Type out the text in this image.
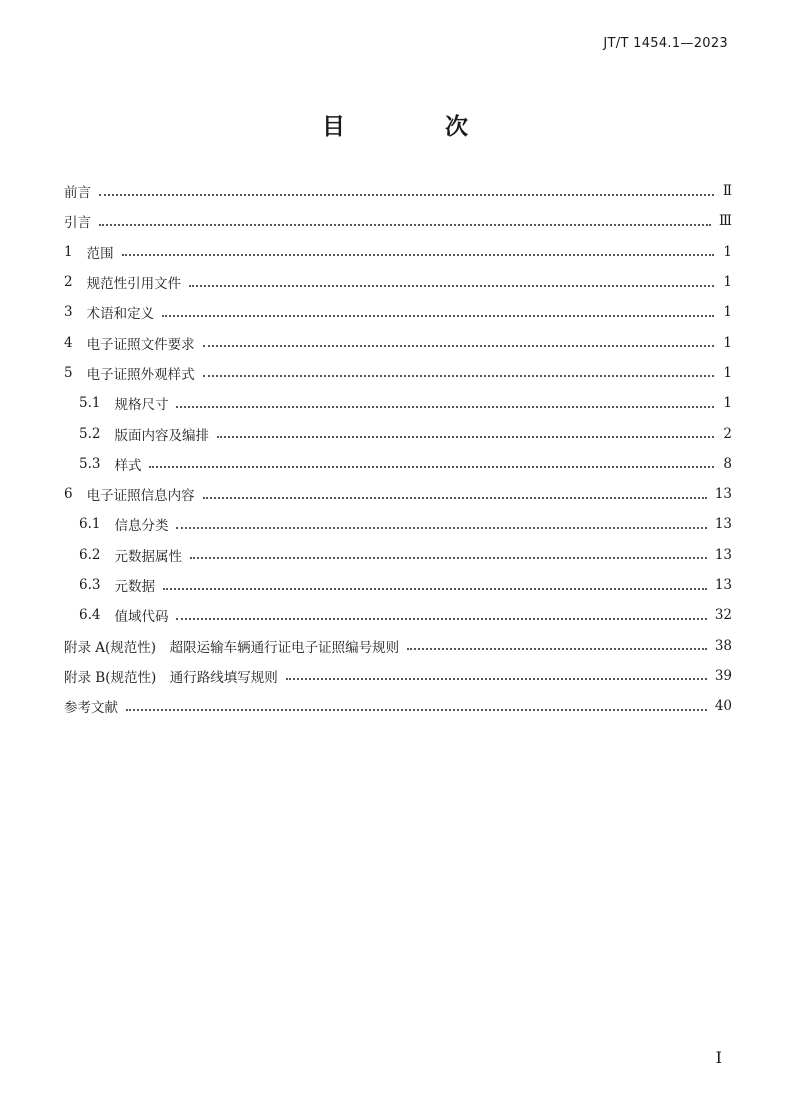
JT/T 1454.1—2023
目 次
前言	Ⅱ
引言	Ⅲ
1 范围	1
2 规范性引用文件	1
3 术语和定义	1
4 电子证照文件要求	1
5 电子证照外观样式	1
5.1 规格尺寸	1
5.2 版面内容及编排	2
5.3 样式	8
6 电子证照信息内容	13
6.1 信息分类	13
6.2 元数据属性	13
6.3 元数据	13
6.4 值域代码	32
附录 A(规范性)　超限运输车辆通行证电子证照编号规则	38
附录 B(规范性)　通行路线填写规则	39
参考文献	40
I
